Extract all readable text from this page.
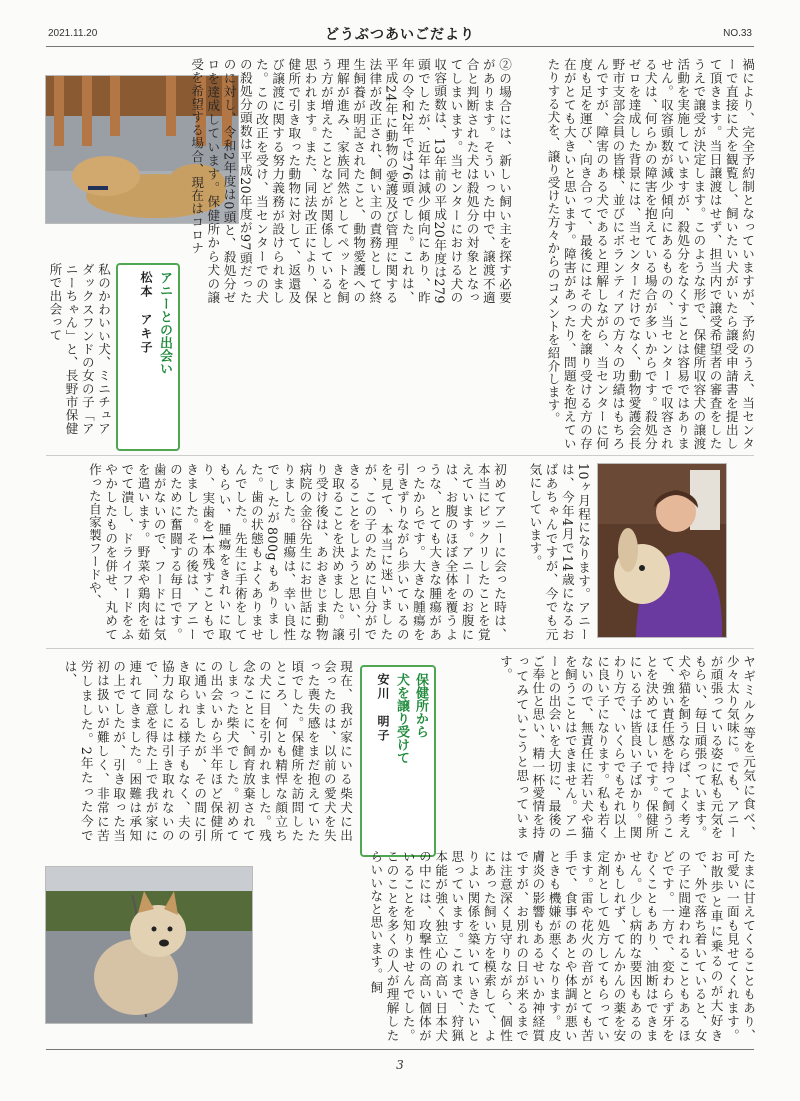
2021.11.20	どうぶつあいごだより	NO.33
②の場合には、新しい飼い主を探す必要があります。そういった中で、譲渡不適合と判断された犬は殺処分の対象となってしまいます。当センターにおける犬の収容頭数は、13年前の平成20年度は279頭でしたが、近年は減少傾向にあり、昨年の令和2年では76頭でした。これは、平成24年に動物の愛護及び管理に関する法律が改正され、飼い主の責務として終生飼養が明記されたこと、動物愛護への理解が進み、家族同然としてペットを飼う方が増えたことなどが関係していると思われます。また、同法改正により、保健所で引き取った動物に対して、返還及び譲渡に関する努力義務が設けられました。この改正を受け、当センターでの犬の殺処分頭数は平成20年度が97頭だったのに対し、令和2年度は0頭と、殺処分ゼロを達成しています。保健所から犬の譲受を希望する場合、現在はコロナ	禍により、完全予約制となっていますが、予約のうえ、当センターで直接に犬を観覧し、飼いたい犬がいたら譲受申請書を提出して頂きます。当日譲渡はせず、担当内で譲受希望者の審査をしたうえで譲受が決定します。このような形で、保健所収容犬の譲渡活動を実施していますが、殺処分をなくすことは容易ではありません。収容頭数が減少傾向にあるものの、当センターで収容される犬は、何らかの障害を抱えている場合が多いからです。殺処分ゼロを達成した背景には、当センターだけでなく、動物愛護会長野市支部会員の皆様、並びにボランティアの方々の功績はもちろんですが、障害のある犬であると理解しながら、当センターに何度も足を運び、向き合って、最後にはその犬を譲り受ける方の存在がとても大きいと思います。障害があったり、問題を抱えていたりする犬を、譲り受けた方々からのコメントを紹介します。
アニーとの出会い
松本　アキ子
私のかわいい犬、ミニチュアダックスフンドの女の子「アニーちゃん」と、長野市保健所で出会って
10ヶ月程になります。アニーは、今年4月で14歳になるおばあちゃんですが、今でも元気にしています。
初めてアニーに会った時は、本当にビックリしたことを覚えています。アニーのお腹には、お腹のほぼ全体を覆うような、とても大きな腫瘍があったからです。大きな腫瘍を引きずりながら歩いているのを見て、本当に迷いましたが、この子のために自分ができることをしようと思い、引き取ることを決めました。譲り受け後は、あおきじま動物病院の金谷先生にお世話になりました。腫瘍は、幸い良性でしたが800gもありました。歯の状態もよくありませんでした。先生に手術をしてもらい、腫瘍をきれいに取り、実歯を1本残すこともできました。その後は、アニーのために奮闘する毎日です。歯がないので、フードには気を遣います。野菜や鶏肉を茹でて潰し、ドライフードをふやかしたものを併せ、丸めて作った自家製フードや、
ヤギミルク等を元気に食べ、少々太り気味に。でも、アニーが頑張っている姿に私も元気をもらい、毎日頑張っています。犬や猫を飼うならば、よく考えて、強い責任感を持って飼うことを決めてほしいです。保健所にいる子は皆良い子ばかり。関わり方で、いくらでもそれ以上に良い子になります。私も若くないので、無責任に若い犬や猫を飼うことはできません。アニーとの出会いを大切に、最後のご奉仕と思い、精一杯愛情を持ってみていこうと思っています。
保健所から
犬を譲り受けて
安川　明子
たまに甘えてくることもあり、可愛い一面も見せてくれます。お散歩と車に乗るのが大好きで、外で落ち着いていると、女の子に間違われることもあるほどです。一方で、変わらず牙をむくこともあり、油断はできません。少し病的な要因もあるのかもしれず、てんかんの薬を安定剤として処方してもらっています。雷や花火の音がとても苦手で、食事のあとや体調が悪いときも機嫌が悪くなります。皮膚炎の影響もあるせいか神経質ですが、お別れの日が来るまでは注意深く見守りながら、個性にあった飼い方を模索して、よりよい関係を築いていきたいと思っています。これまで、狩猟本能が強く独立心の高い日本犬の中には、攻撃性の高い個体がいることを知りませんでした。このことを多くの人が理解したらいいなと思います。飼
現在、我が家にいる柴犬に出会ったのは、以前の愛犬を失った喪失感をまだ抱えていた頃でした。保健所を訪問したところ、何とも精悍な顔立ちの犬に目を引かれました。残念なことに、飼育放棄されてしまった柴犬でした。初めての出会いから半年ほど保健所に通いましたが、その間に引き取られる様子もなく、夫の協力なしには引き取れないので、同意を得た上で我が家に連れてきました。困難は承知の上でしたが、引き取った当初は扱いが難しく、非常に苦労しました。2年たった今では、
3
